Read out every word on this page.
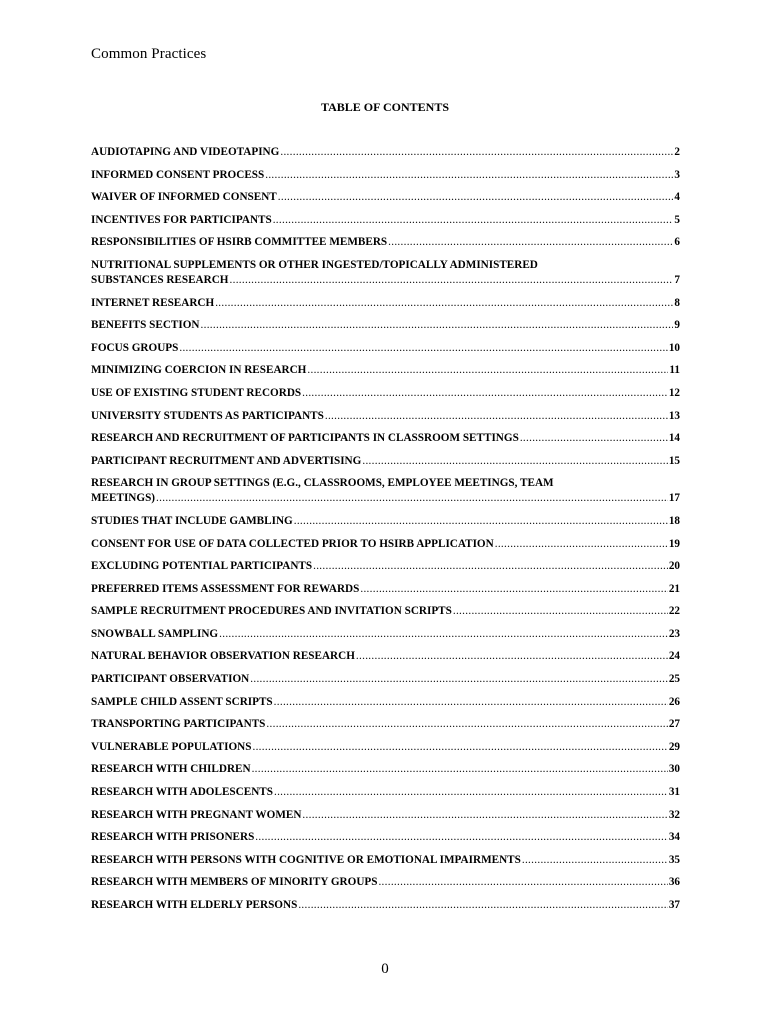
Common Practices
TABLE OF CONTENTS
AUDIOTAPING AND VIDEOTAPING .....	2
INFORMED CONSENT PROCESS .....	3
WAIVER OF INFORMED CONSENT .....	4
INCENTIVES FOR PARTICIPANTS .....	5
RESPONSIBILITIES OF HSIRB COMMITTEE MEMBERS .....	6
NUTRITIONAL SUPPLEMENTS OR OTHER INGESTED/TOPICALLY ADMINISTERED
SUBSTANCES RESEARCH .....	7
INTERNET RESEARCH .....	8
BENEFITS SECTION .....	9
FOCUS GROUPS .....	10
MINIMIZING COERCION IN RESEARCH .....	11
USE OF EXISTING STUDENT RECORDS .....	12
UNIVERSITY STUDENTS AS PARTICIPANTS .....	13
RESEARCH AND RECRUITMENT OF PARTICIPANTS IN CLASSROOM SETTINGS .....	14
PARTICIPANT RECRUITMENT AND ADVERTISING .....	15
RESEARCH IN GROUP SETTINGS (E.G., CLASSROOMS, EMPLOYEE MEETINGS, TEAM
MEETINGS) .....	17
STUDIES THAT INCLUDE GAMBLING .....	18
CONSENT FOR USE OF DATA COLLECTED PRIOR TO HSIRB APPLICATION .....	19
EXCLUDING POTENTIAL PARTICIPANTS .....	20
PREFERRED ITEMS ASSESSMENT FOR REWARDS .....	21
SAMPLE RECRUITMENT PROCEDURES AND INVITATION SCRIPTS .....	22
SNOWBALL SAMPLING .....	23
NATURAL BEHAVIOR OBSERVATION RESEARCH .....	24
PARTICIPANT OBSERVATION .....	25
SAMPLE CHILD ASSENT SCRIPTS .....	26
TRANSPORTING PARTICIPANTS .....	27
VULNERABLE POPULATIONS .....	29
RESEARCH WITH CHILDREN .....	30
RESEARCH WITH ADOLESCENTS .....	31
RESEARCH WITH PREGNANT WOMEN .....	32
RESEARCH WITH PRISONERS .....	34
RESEARCH WITH PERSONS WITH COGNITIVE OR EMOTIONAL IMPAIRMENTS .....	35
RESEARCH WITH MEMBERS OF MINORITY GROUPS .....	36
RESEARCH WITH ELDERLY PERSONS .....	37
0
